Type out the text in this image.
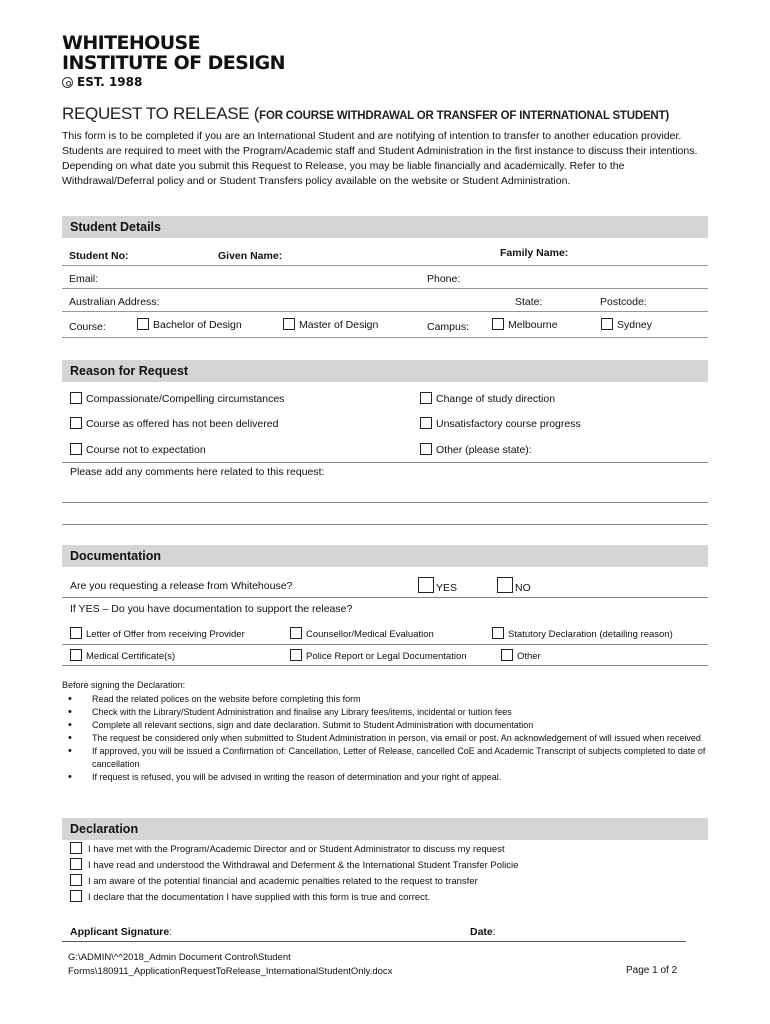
WHITEHOUSE
INSTITUTE OF DESIGN
EST. 1988
REQUEST TO RELEASE (FOR COURSE WITHDRAWAL OR TRANSFER OF INTERNATIONAL STUDENT)
This form is to be completed if you are an International Student and are notifying of intention to transfer to another education provider. Students are required to meet with the Program/Academic staff and Student Administration in the first instance to discuss their intentions. Depending on what date you submit this Request to Release, you may be liable financially and academically. Refer to the Withdrawal/Deferral policy and or Student Transfers policy available on the website or Student Administration.
Student Details
Student No:	Given Name:	Family Name:
Email:	Phone:
Australian Address:	State:	Postcode:
Course:	Bachelor of Design	Master of Design	Campus:	Melbourne	Sydney
Reason for Request
Compassionate/Compelling circumstances	Change of study direction
Course as offered has not been delivered	Unsatisfactory course progress
Course not to expectation	Other (please state):
Please add any comments here related to this request:
Documentation
Are you requesting a release from Whitehouse?	YES	NO
If YES – Do you have documentation to support the release?
Letter of Offer from receiving Provider	Counsellor/Medical Evaluation	Statutory Declaration (detailing reason)
Medical Certificate(s)	Police Report or Legal Documentation	Other
Before signing the Declaration:
• Read the related polices on the website before completing this form
• Check with the Library/Student Administration and finalise any Library fees/items, incidental or tuition fees
• Complete all relevant sections, sign and date declaration. Submit to Student Administration with documentation
• The request be considered only when submitted to Student Administration in person, via email or post. An acknowledgement of will issued when received
• If approved, you will be issued a Confirmation of: Cancellation, Letter of Release, cancelled CoE and Academic Transcript of subjects completed to date of cancellation
• If request is refused, you will be advised in writing the reason of determination and your right of appeal.
Declaration
I have met with the Program/Academic Director and or Student Administrator to discuss my request
I have read and understood the Withdrawal and Deferment & the International Student Transfer Policie
I am aware of the potential financial and academic penalties related to the request to transfer
I declare that the documentation I have supplied with this form is true and correct.
Applicant Signature:	Date:
G:\ADMIN\^^2018_Admin Document Control\Student Forms\180911_ApplicationRequestToRelease_InternationalStudentOnly.docx	Page 1 of 2
